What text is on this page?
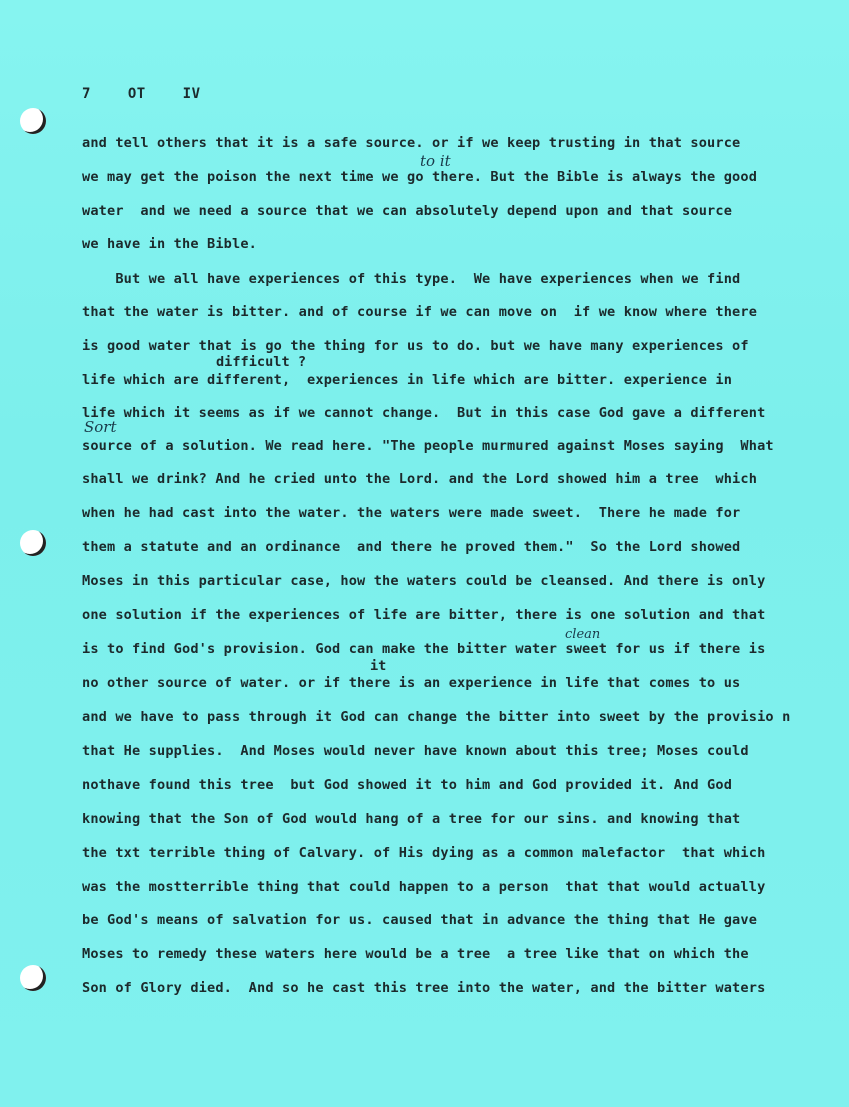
7	OT	IV
and tell others that it is a safe source. or if we keep trusting in that source
we may get the poison the next time we go there. But the Bible is always the good
water  and we need a source that we can absolutely depend upon and that source
we have in the Bible.
But we all have experiences of this type.  We have experiences when we find
that the water is bitter. and of course if we can move on  if we know where there
is good water that is go the thing for us to do. but we have many experiences of
life which are different,  experiences in life which are bitter. experience in
life which it seems as if we cannot change.  But in this case God gave a different
source of a solution. We read here. "The people murmured against Moses saying  What
shall we drink? And he cried unto the Lord. and the Lord showed him a tree  which
when he had cast into the water. the waters were made sweet.  There he made for
them a statute and an ordinance  and there he proved them."  So the Lord showed
Moses in this particular case, how the waters could be cleansed. And there is only
one solution if the experiences of life are bitter, there is one solution and that
is to find God's provision. God can make the bitter water sweet for us if there is
no other source of water. or if there is an experience in life that comes to us
and we have to pass through it God can change the bitter into sweet by the provisio n
that He supplies.  And Moses would never have known about this tree; Moses could
nothave found this tree  but God showed it to him and God provided it. And God
knowing that the Son of God would hang of a tree for our sins. and knowing that
the txt terrible thing of Calvary. of His dying as a common malefactor  that which
was the mostterrible thing that could happen to a person  that that would actually
be God's means of salvation for us. caused that in advance the thing that He gave
Moses to remedy these waters here would be a tree  a tree like that on which the
Son of Glory died.  And so he cast this tree into the water, and the bitter waters
difficult ?
it
to it
Sort
clean
